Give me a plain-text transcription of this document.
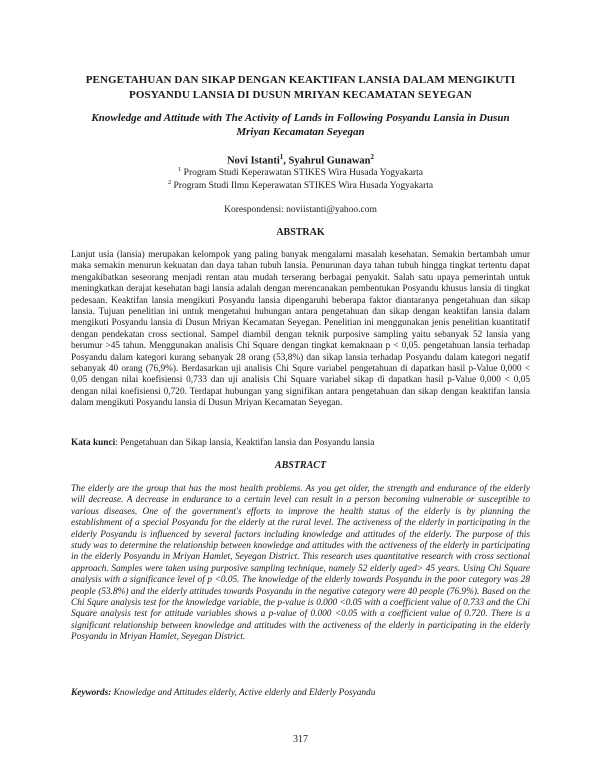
PENGETAHUAN DAN SIKAP DENGAN KEAKTIFAN LANSIA DALAM MENGIKUTI
POSYANDU LANSIA DI DUSUN MRIYAN KECAMATAN SEYEGAN
Knowledge and Attitude with The Activity of Lands in Following Posyandu Lansia in Dusun
Mriyan Kecamatan Seyegan
Novi Istanti$^1$, Syahrul Gunawan$^2$
$^1$ Program Studi Keperawatan STIKES Wira Husada Yogyakarta
$^2$ Program Studi Ilmu Keperawatan STIKES Wira Husada Yogyakarta
Korespondensi: noviistanti@yahoo.com
ABSTRAK
Lanjut usia (lansia) merupakan kelompok yang paling banyak mengalami masalah kesehatan. Semakin bertambah umur maka semakin menurun kekuatan dan daya tahan tubuh lansia. Penurunan daya tahan tubuh hingga tingkat tertentu dapat mengakibatkan seseorang menjadi rentan atau mudah terserang berbagai penyakit. Salah satu upaya pemerintah untuk meningkatkan derajat kesehatan bagi lansia adalah dengan merencanakan pembentukan Posyandu khusus lansia di tingkat pedesaan. Keaktifan lansia mengikuti Posyandu lansia dipengaruhi beberapa faktor diantaranya pengetahuan dan sikap lansia. Tujuan penelitian ini untuk mengetahui hubungan antara pengetahuan dan sikap dengan keaktifan lansia dalam mengikuti Posyandu lansia di Dusun Mriyan Kecamatan Seyegan. Penelitian ini menggunakan jenis penelitian kuantitatif dengan pendekatan cross sectional. Sampel diambil dengan teknik purposive sampling yaitu sebanyak 52 lansia yang berumur >45 tahun. Menggunakan analisis Chi Square dengan tingkat kemaknaan p < 0,05. pengetahuan lansia terhadap Posyandu dalam kategori kurang sebanyak 28 orang (53,8%) dan sikap lansia terhadap Posyandu dalam kategori negatif sebanyak 40 orang (76,9%). Berdasarkan uji analisis Chi Squre variabel pengetahuan di dapatkan hasil p-Value 0,000 < 0,05 dengan nilai koefisiensi 0,733 dan uji analisis Chi Square variabel sikap di dapatkan hasil p-Value 0,000 < 0,05 dengan nilai koefisiensi 0,720. Terdapat hubungan yang signifikan antara pengetahuan dan sikap dengan keaktifan lansia dalam mengikuti Posyandu lansia di Dusun Mriyan Kecamatan Seyegan.
Kata kunci: Pengetahuan dan Sikap lansia, Keaktifan lansia dan Posyandu lansia
ABSTRACT
The elderly are the group that has the most health problems. As you get older, the strength and endurance of the elderly will decrease. A decrease in endurance to a certain level can result in a person becoming vulnerable or susceptible to various diseases. One of the government's efforts to improve the health status of the elderly is by planning the establishment of a special Posyandu for the elderly at the rural level. The activeness of the elderly in participating in the elderly Posyandu is influenced by several factors including knowledge and attitudes of the elderly. The purpose of this study was to determine the relationship between knowledge and attitudes with the activeness of the elderly in participating in the elderly Posyandu in Mriyan Hamlet, Seyegan District. This research uses quantitative research with cross sectional approach. Samples were taken using purposive sampling technique, namely 52 elderly aged> 45 years. Using Chi Square analysis with a significance level of p <0.05. The knowledge of the elderly towards Posyandu in the poor category was 28 people (53.8%) and the elderly attitudes towards Posyandu in the negative category were 40 people (76.9%). Based on the Chi Squre analysis test for the knowledge variable, the p-value is 0.000 <0.05 with a coefficient value of 0.733 and the Chi Square analysis test for attitude variables shows a p-value of 0.000 <0.05 with a coefficient value of 0.720. There is a significant relationship between knowledge and attitudes with the activeness of the elderly in participating in the elderly Posyandu in Mriyan Hamlet, Seyegan District.
Keywords: Knowledge and Attitudes elderly, Active elderly and Elderly Posyandu
317
